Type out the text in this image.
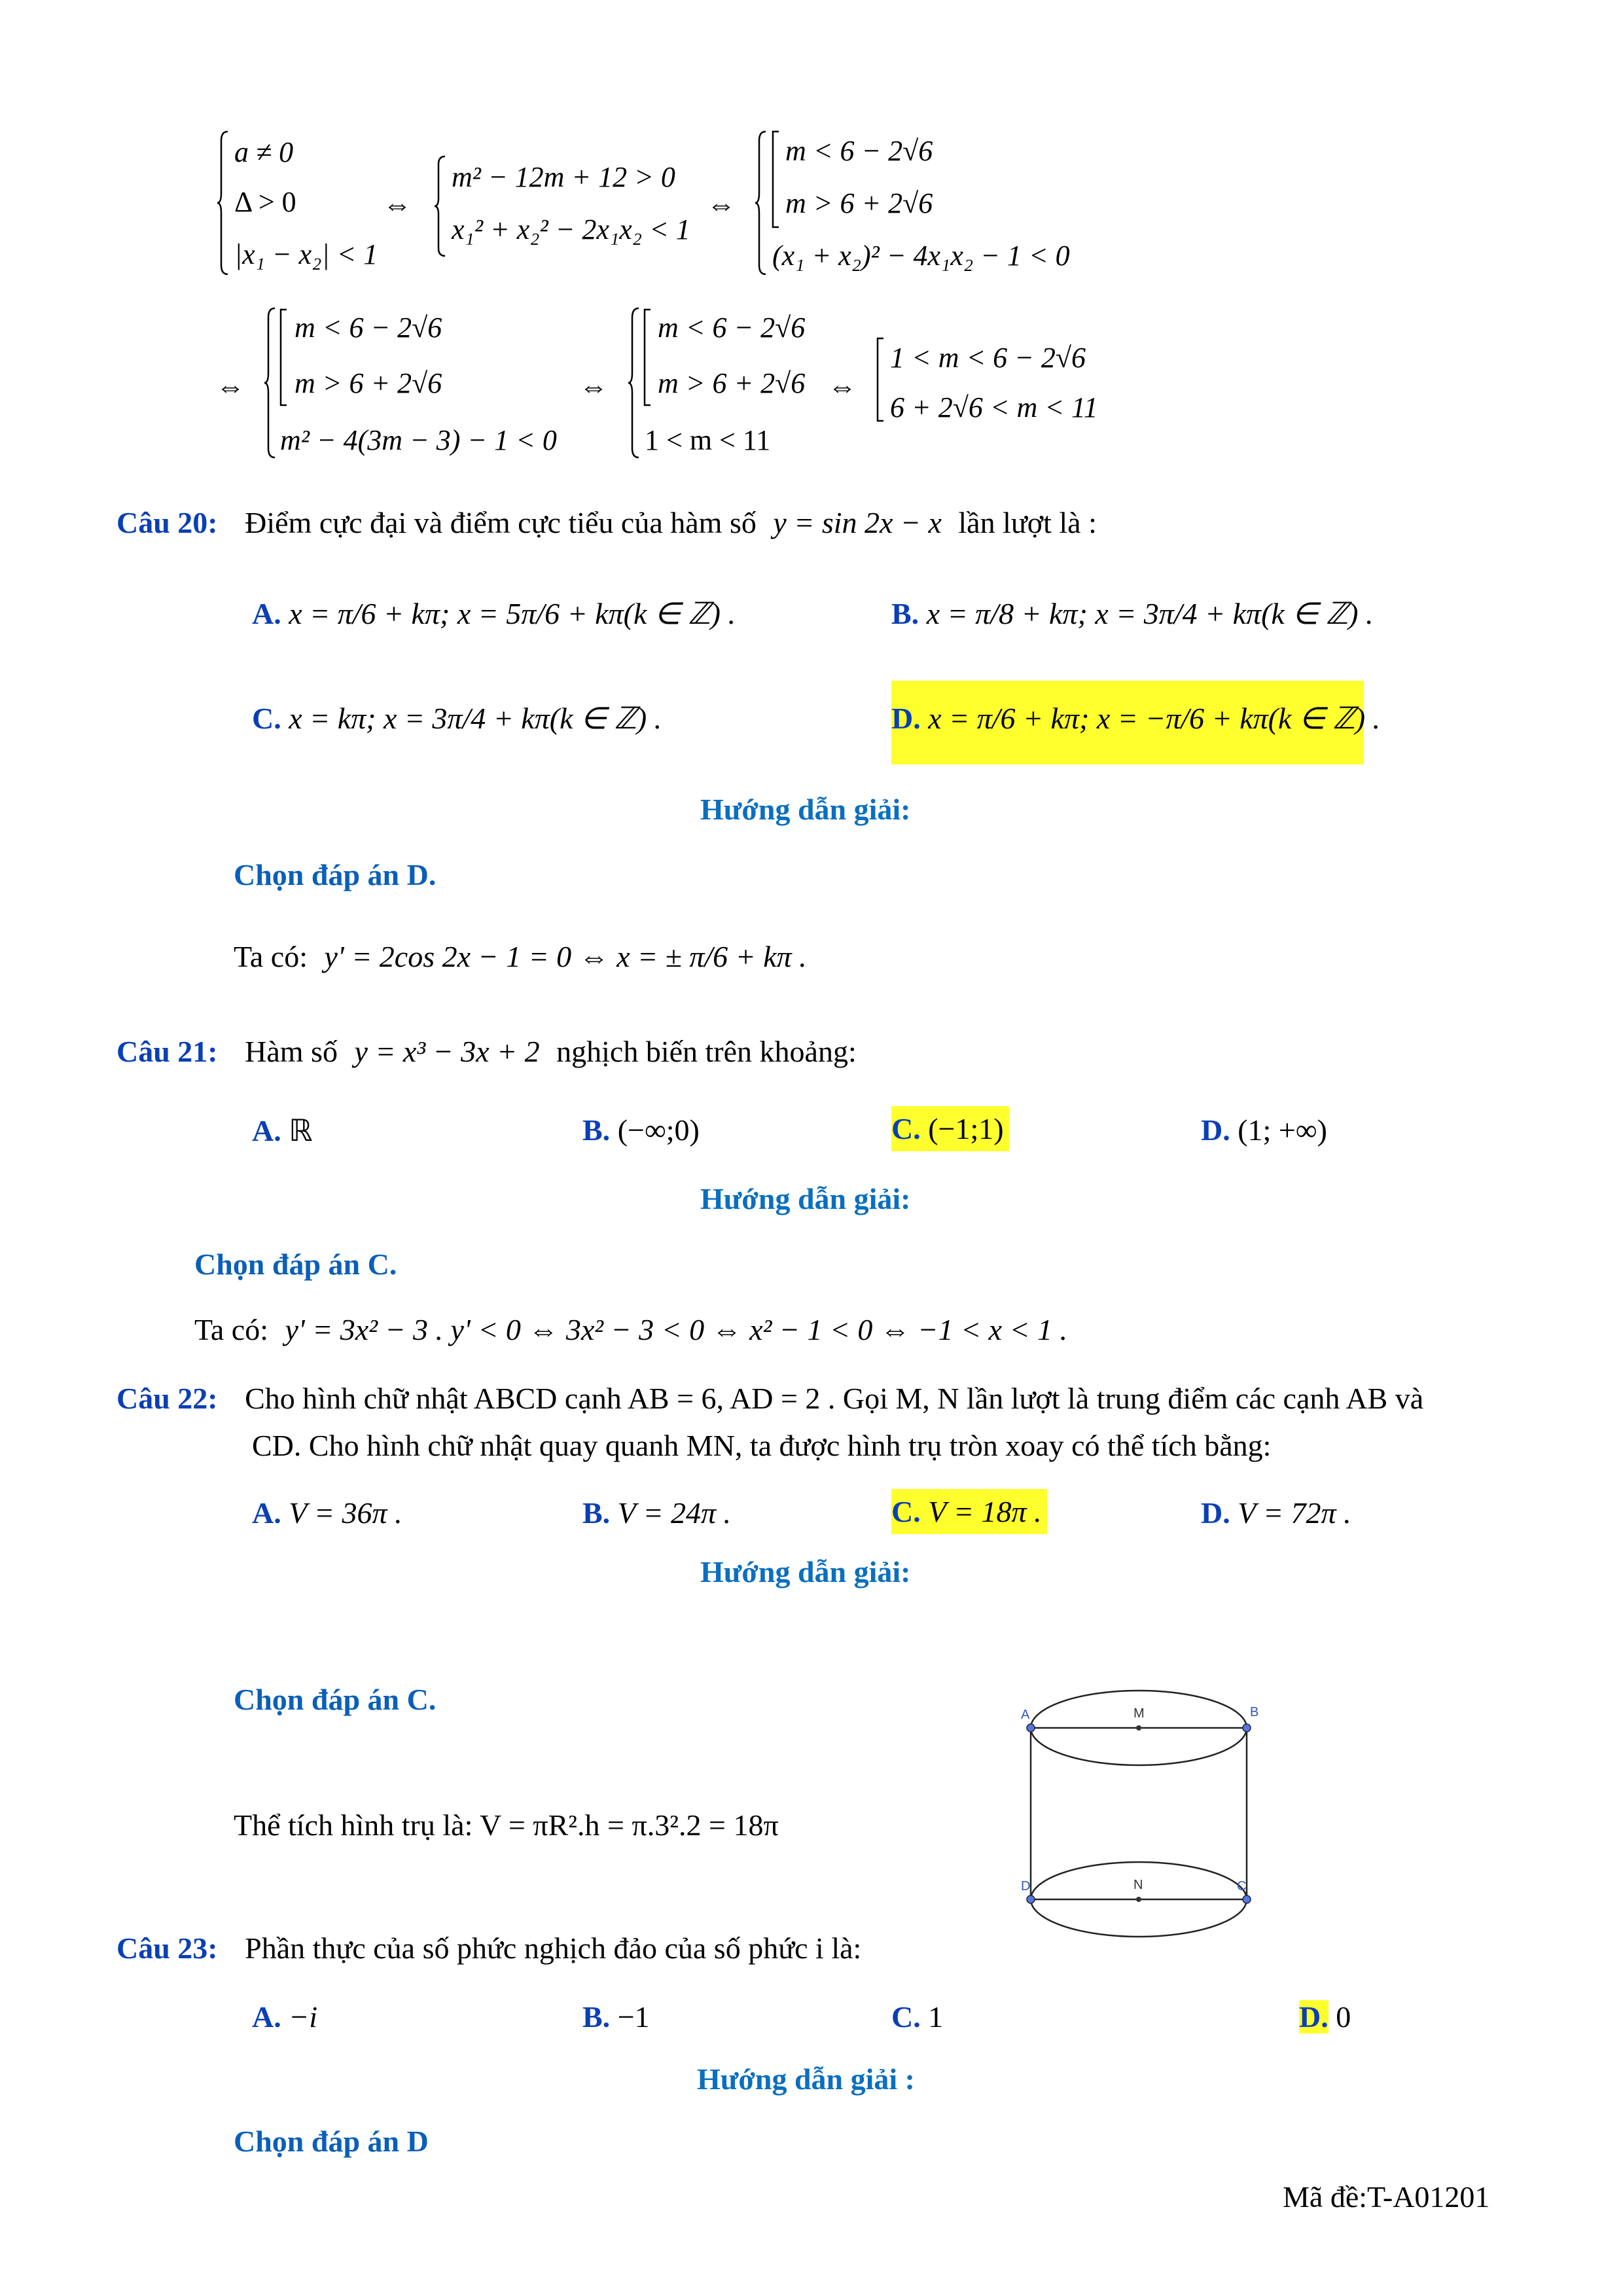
a ≠ 0
Δ > 0
|x₁ − x₂| < 1
⇔
m² − 12m + 12 > 0
x₁² + x₂² − 2x₁x₂ < 1
⇔
m < 6 − 2√6
m > 6 + 2√6
(x₁ + x₂)² − 4x₁x₂ − 1 < 0
⇔
m < 6 − 2√6
m > 6 + 2√6
m² − 4(3m − 3) − 1 < 0
⇔
m < 6 − 2√6
m > 6 + 2√6
1 < m < 11
⇔
1 < m < 6 − 2√6
6 + 2√6 < m < 11
Câu 20: Điểm cực đại và điểm cực tiểu của hàm số y = sin 2x − x lần lượt là :
A. x = π/6 + kπ; x = 5π/6 + kπ(k ∈ ℤ) .	B. x = π/8 + kπ; x = 3π/4 + kπ(k ∈ ℤ) .
C. x = kπ; x = 3π/4 + kπ(k ∈ ℤ) .	D. x = π/6 + kπ; x = −π/6 + kπ(k ∈ ℤ) .
Hướng dẫn giải:
Chọn đáp án D.
Ta có: y' = 2cos 2x − 1 = 0 ⇔ x = ± π/6 + kπ .
Câu 21: Hàm số y = x³ − 3x + 2 nghịch biến trên khoảng:
A. ℝ	B. (−∞;0)	C. (−1;1)	D. (1; +∞)
Hướng dẫn giải:
Chọn đáp án C.
Ta có: y' = 3x² − 3 . y' < 0 ⇔ 3x² − 3 < 0 ⇔ x² − 1 < 0 ⇔ −1 < x < 1 .
Câu 22: Cho hình chữ nhật ABCD cạnh AB = 6, AD = 2 . Gọi M, N lần lượt là trung điểm các cạnh AB và
CD. Cho hình chữ nhật quay quanh MN, ta được hình trụ tròn xoay có thể tích bằng:
A. V = 36π .	B. V = 24π .	C. V = 18π .	D. V = 72π .
Hướng dẫn giải:
Chọn đáp án C.
Thể tích hình trụ là: V = πR².h = π.3².2 = 18π
A	M	B
D	N	C
Câu 23: Phần thực của số phức nghịch đảo của số phức i là:
A. −i	B. −1	C. 1	D. 0
Hướng dẫn giải :
Chọn đáp án D
Mã đề:T-A01201
